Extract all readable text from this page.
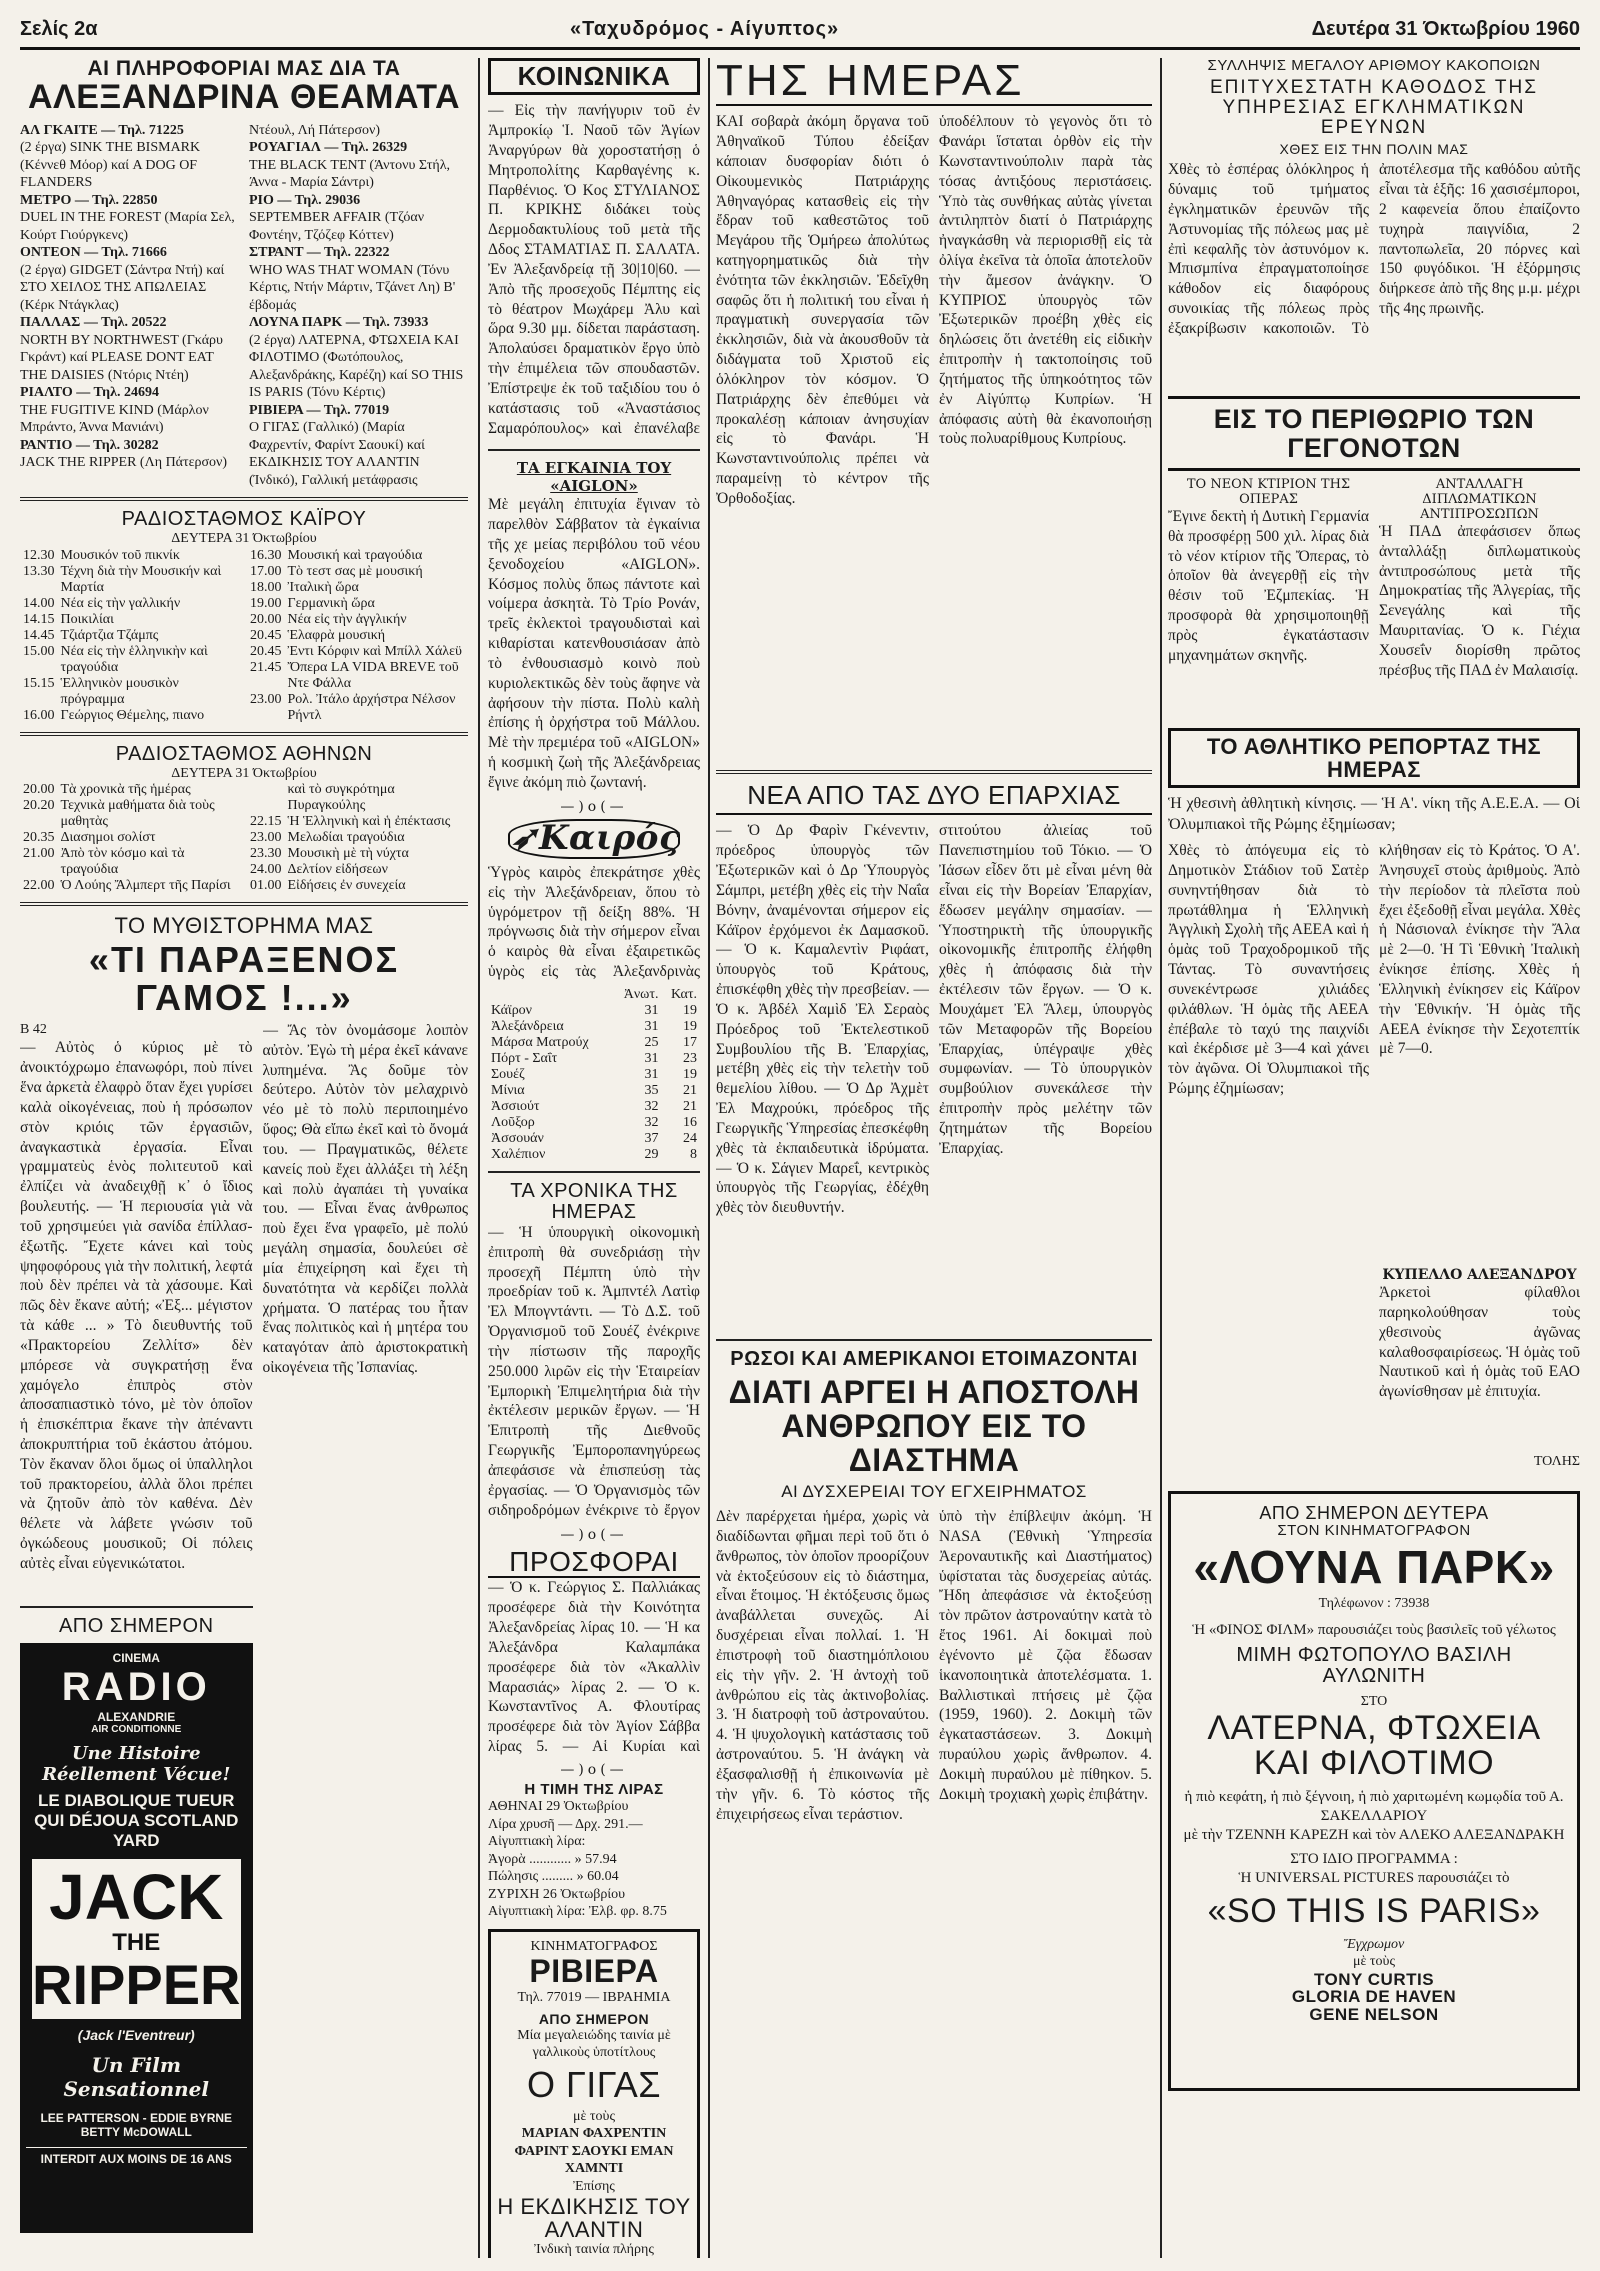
Σελίς 2α	«Ταχυδρόμος - Αίγυπτος»	Δευτέρα 31 Όκτωβρίου 1960
ΑΙ ΠΛΗΡΟΦΟΡΙΑΙ ΜΑΣ ΔΙΑ ΤΑ
ΑΛΕΞΑΝΔΡΙΝΑ ΘΕΑΜΑΤΑ
ΑΛ ΓΚΑΙΤΕ — Τηλ. 71225
(2 έργα) SINK THE BISMARK (Κέννεθ Μόορ) καί A DOG OF FLANDERS
ΜΕΤΡΟ — Τηλ. 22850
DUEL IN THE FOREST (Μαρία Σελ, Κούρτ Γιούργκενς)
ΟΝΤΕΟΝ — Τηλ. 71666
(2 έργα) GIDGET (Σάντρα Ντή) καί ΣΤΟ ΧΕΙΛΟΣ ΤΗΣ ΑΠΩΛΕΙΑΣ (Κέρκ Ντάγκλας)
ΠΑΛΛΑΣ — Τηλ. 20522
NORTH BY NORTHWEST (Γκάρυ Γκράντ) καί PLEASE DONT EAT THE DAISIES (Ντόρις Ντέη)
ΡΙΑΛΤΟ — Τηλ. 24694
THE FUGITIVE KIND (Μάρλον Μπράντο, Άννα Μανιάνι)
ΡΑΝΤΙΟ — Τηλ. 30282
JACK THE RIPPER (Λη Πάτερσον)
Ντέουλ, Λή Πάτερσον)
ΡΟΥΑΓΙΑΛ — Τηλ. 26329
THE BLACK TENT (Άντονυ Στήλ, Άννα - Μαρία Σάντρι)
ΡΙΟ — Τηλ. 29036
SEPTEMBER AFFAIR (Τζόαν Φοντέην, Τζόζεφ Κόττεν)
ΣΤΡΑΝΤ — Τηλ. 22322
WHO WAS THAT WOMAN (Τόνυ Κέρτις, Ντήν Μάρτιν, Τζάνετ Λη) Β' έβδομάς
ΛΟΥΝΑ ΠΑΡΚ — Τηλ. 73933
(2 έργα) ΛΑΤΕΡΝΑ, ΦΤΩΧΕΙΑ ΚΑΙ ΦΙΛΟΤΙΜΟ (Φωτόπουλος, Αλεξανδράκης, Καρέζη) καί SO THIS IS PARIS (Τόνυ Κέρτις)
ΡΙΒΙΕΡΑ — Τηλ. 77019
Ο ΓΙΓΑΣ (Γαλλικό) (Μαρία Φαχρεντίν, Φαρίντ Σαουκί) καί ΕΚΔΙΚΗΣΙΣ ΤΟΥ ΑΛΑΝΤΙΝ (Ίνδικό), Γαλλική μετάφρασις
ΡΑΔΙΟΣΤΑΘΜΟΣ ΚΑΪΡΟΥ
ΔΕΥΤΕΡΑ 31 Όκτωβρίου
12.30	Μουσικόν τοῦ πικνίκ
13.30	Τέχνη διὰ τὴν Μουσικήν καὶ Μαρτία
14.00	Νέα εἰς τὴν γαλλικήν
14.15	Ποικιλίαι
14.45	Τζιάρτζια Τζάμπς
15.00	Νέα εἰς τὴν ἑλληνικὴν καὶ τραγούδια
15.15	Ἑλληνικὸν μουσικὸν πρόγραμμα
16.00	Γεώργιος Θέμελης, πιανο
16.30	Μουσική καὶ τραγούδια
17.00	Τὸ τεστ σας μὲ μουσική
18.00	Ἰταλικὴ ὥρα
19.00	Γερμανικὴ ὥρα
20.00	Νέα εἰς τὴν ἀγγλικήν
20.45	Ἑλαφρὰ μουσική
20.45	Ἐντι Κόρφιν καὶ Μπίλλ Χάλεϋ
21.45	Ὄπερα LA VIDA BREVE τοῦ Ντε Φάλλα
23.00	Ρολ. Ἰτάλο ἀρχήστρα Νέλσον Ρήντλ
ΡΑΔΙΟΣΤΑΘΜΟΣ ΑΘΗΝΩΝ
ΔΕΥΤΕΡΑ 31 Όκτωβρίου
20.00	Τὰ χρονικὰ τῆς ἡμέρας
20.20	Τεχνικὰ μαθήματα διὰ τοὺς μαθητὰς
20.35	Διασημοι σολίστ
21.00	Ἀπὸ τὸν κόσμο καὶ τὰ τραγούδια
22.00	Ὁ Λούης Ἄλμπερτ τῆς Παρίσι
	καὶ τὸ συγκρότημα Πυραγκούλης
22.15	Ἡ Ἑλληνικὴ καὶ ἡ ἐπέκτασις
23.00	Μελωδίαι τραγούδια
23.30	Μουσικὴ μὲ τὴ νύχτα
24.00	Δελτίον εἰδήσεων
01.00	Εἰδήσεις ἐν συνεχεία
ΤΟ ΜΥΘΙΣΤΟΡΗΜΑ ΜΑΣ
«ΤΙ ΠΑΡΑΞΕΝΟΣ ΓΑΜΟΣ !...»
Β 42
— Αὐτὸς ὁ κύριος μὲ τὸ ἀνοικτόχρωμο ἐπανωφόρι, ποὺ πίνει ἕνα ἀρκετὰ ἐλαφρὸ ὅταν ἔχει γυρίσει καλὰ οἰκογένειας, ποὺ ἡ πρόσωπον στὸν κριόις τῶν ἐργασιῶν, ἀναγκαστικὰ ἐργασία. Εἶναι γραμματεὺς ἑνὸς πολιτευτοῦ καὶ ἐλπίζει νὰ ἀναδειχθῇ κ᾿ ὁ ἴδιος βουλευτής. — Ἡ περιουσία γιὰ νὰ τοῦ χρησιμεύει γιὰ σανίδα ἐπίλλασ- ἐξωτῆς. Ἔχετε κάνει καὶ τοὺς ψηφοφόρους γιὰ τὴν πολιτική, λεφτά ποὺ δὲν πρέπει νὰ τὰ χάσουμε. Καὶ πῶς δὲν ἔκανε αὐτή; «Ἐξ... μέγιστον τὰ κάθε ... » Τὸ διευθυντής τοῦ «Πρακτορείου Ζελλίτσ» δὲν μπόρεσε νὰ συγκρατήσῃ ἕνα χαμόγελο ἐπιπρὸς στὸν ἀποσαπιαστικὸ τόνο, μὲ τὸν ὁποῖον ἡ ἐπισκέπτρια ἔκανε τὴν ἀπέναντι ἀποκρυπτήρια τοῦ ἑκάστου ἀτόμου. Τὸν ἔκαναν ὅλοι ὅμως οἱ ὑπαλληλοι τοῦ πρακτορείου, ἀλλὰ ὅλοι πρέπει νὰ ζητοῦν ἀπὸ τὸν καθένα. Δὲν θέλετε νὰ λάβετε γνώσιν τοῦ ὀγκώδεους μουσικοῦ; Οἱ πόλεις αὐτὲς εἶναι εὐγενικώτατοι.
ΑΠΟ ΣΗΜΕΡΟΝ
CINEMA
RADIO
ALEXANDRIE
AIR CONDITIONNE
Une Histoire Réellement Vécue!
LE DIABOLIQUE TUEUR QUI DÉJOUA SCOTLAND YARD
JACK
THE
RIPPER
(Jack l'Eventreur)
Un Film Sensationnel
LEE PATTERSON - EDDIE BYRNE BETTY McDOWALL
INTERDIT AUX MOINS DE 16 ANS
— Ἄς τὸν ὀνομάσομε λοιπὸν αὐτὸν. Ἐγὼ τὴ μέρα ἐκεῖ κάνανε λυπημένα. Ἂς δοῦμε τὸν δεύτερο. Αὐτὸν τὸν μελαχρινὸ νέο μὲ τὸ πολὺ περιποιημένο ὕφος; Θὰ εἴπω ἐκεῖ καὶ τὸ ὄνομά του. — Πραγματικῶς, θέλετε κανείς ποὺ ἔχει ἀλλάξει τὴ λέξη καὶ πολὺ ἀγαπάει τὴ γυναίκα του. — Εἶναι ἕνας ἀνθρωπος ποὺ ἔχει ἕνα γραφεῖο, μὲ πολύ μεγάλη σημασία, δουλεύει σὲ μία ἐπιχείρηση καὶ ἔχει τὴ δυνατότητα νὰ κερδίζει πολλὰ χρήματα. Ὁ πατέρας του ἦταν ἕνας πολιτικὸς καὶ ἡ μητέρα του καταγόταν ἀπὸ ἀριστοκρατικὴ οἰκογένεια τῆς Ἰσπανίας.
ΚΟΙΝΩΝΙΚΑ
— Εἰς τὴν πανήγυριν τοῦ ἐν Ἀμπροκίῳ Ἱ. Ναοῦ τῶν Ἁγίων Ἀναργύρων θὰ χοροστατήσῃ ὁ Μητροπολίτης Καρθαγένης κ. Παρθένιος. Ὁ Κος ΣΤΥΛΙΑΝΟΣ Π. ΚΡΙΚΗΣ διδάκει τοὺς Δερμοδακτυλίους τοῦ μετὰ τῆς Δδος ΣΤΑΜΑΤΙΑΣ Π. ΣΑΛΑΤΑ. Ἐν Ἀλεξανδρείᾳ τῇ 30|10|60. — Ἀπὸ τῆς προσεχοῦς Πέμπτης εἰς τὸ θέατρον Μωχάρεμ Ἀλυ καὶ ὥρα 9.30 μμ. δίδεται παράσταση. Ἀπολαύσει δραματικὸν ἔργο ὑπὸ τὴν ἐπιμέλεια τῶν σπουδαστῶν. Ἐπίστρεψε ἐκ τοῦ ταξιδίου του ὁ κατάστασις τοῦ «Ἀναστάσιος Σαμαρόπουλος» καὶ ἐπανέλαβε
ΤΑ ΕΓΚΑΙΝΙΑ ΤΟΥ «AIGLON»
Μὲ μεγάλη ἐπιτυχία ἔγιναν τὸ παρελθὸν Σάββατον τὰ ἐγκαίνια τῆς χε μείας περιβόλου τοῦ νέου ξενοδοχείου «AIGLON». Κόσμος πολὺς ὅπως πάντοτε καὶ νοίμερα ἀσκητὰ. Τὸ Τρίο Ρονάν, τρεῖς ἐκλεκτοὶ τραγουδισταὶ καὶ κιθαρίσται κατενθουσιάσαν ἀπὸ τὸ ἐνθουσιασμὸ κοινὸ ποὺ κυριολεκτικῶς δὲν τοὺς ἄφηνε νὰ ἀφήσουν τὴν πίστα. Πολὺ καλὴ ἐπίσης ἡ ὀρχήστρα τοῦ Μάλλου. Μὲ τὴν πρεμιέρα τοῦ «AIGLON» ἡ κοσμικὴ ζωὴ τῆς Ἀλεξάνδρειας ἔγινε ἀκόμη πιὸ ζωντανή.
—)o(—
➶Καιρός
Ὑγρὸς καιρὸς ἐπεκράτησε χθὲς εἰς τὴν Ἀλεξάνδρειαν, ὅπου τὸ ὑγρόμετρον τῇ δείξη 88%. Ἡ πρόγνωσις διὰ τὴν σήμερον εἶναι ὁ καιρὸς θὰ εἶναι ἐξαιρετικῶς ὑγρὸς εἰς τὰς Ἀλεξανδρινὰς
	Ἀνωτ.	Κατ.
Κάϊρον	31	19
Ἀλεξάνδρεια	31	19
Μάρσα Ματρούχ	25	17
Πόρτ - Σαΐτ	31	23
Σουέζ	31	19
Μίνια	35	21
Ἀσσιούτ	32	21
Λοῦξορ	32	16
Ἀσσουάν	37	24
Χαλέπιον	29	8
ΤΑ ΧΡΟΝΙΚΑ ΤΗΣ ΗΜΕΡΑΣ
— Ἡ ὑπουργικὴ οἰκονομικὴ ἐπιτροπὴ θὰ συνεδριάσῃ τὴν προσεχῆ Πέμπτη ὑπὸ τὴν προεδρίαν τοῦ κ. Ἀμπντέλ Λατὶφ Ἐλ Μπογντάντι. — Τὸ Δ.Σ. τοῦ Ὀργανισμοῦ τοῦ Σουέζ ἐνέκρινε τὴν πίστωσιν τῆς παροχῆς 250.000 λιρῶν εἰς τὴν Ἑταιρείαν Ἐμπορικὴ Ἐπιμελητήρια διὰ τὴν ἐκτέλεσιν μερικῶν ἔργων. — Ἡ Ἐπιτροπὴ τῆς Διεθνοῦς Γεωργικῆς Ἐμποροπανηγύρεως ἀπεφάσισε νὰ ἐπισπεύσῃ τὰς ἐργασίας. — Ὁ Ὀργανισμὸς τῶν σιδηροδρόμων ἐνέκρινε τὸ ἔργον
—)o(—
ΠΡΟΣΦΟΡΑΙ
— Ὁ κ. Γεώργιος Σ. Παλλιάκας προσέφερε διὰ τὴν Κοινότητα Ἀλεξανδρείας λίρας 10. — Ἡ κα Ἀλεξάνδρα Καλαμπάκα προσέφερε διὰ τὸν «Ἀκαλλὶν Μαρασιάς» λίρας 2. — Ὁ κ. Κωνσταντῖνος Α. Φλουτίρας προσέφερε διὰ τὸν Ἀγίον Σάββα λίρας 5. — Αἱ Κυρίαι καὶ
—)o(—
Η ΤΙΜΗ ΤΗΣ ΛΙΡΑΣ
ΑΘΗΝΑΙ 29 Ὀκτωβρίου
Λίρα χρυσῆ — Δρχ. 291.—
Αἰγυπτιακὴ λίρα:
Ἀγορὰ ............ » 57.94
Πώλησις ......... » 60.04
ΖΥΡΙΧΗ 26 Ὀκτωβρίου
Αἰγυπτιακὴ λίρα: Ἐλβ. φρ. 8.75
ΚΙΝΗΜΑΤΟΓΡΑΦΟΣ
ΡΙΒΙΕΡΑ
Τηλ. 77019 — ΙΒΡΑΗΜΙΑ
ΑΠΟ ΣΗΜΕΡΟΝ
Μία μεγαλειώδης ταινία μὲ γαλλικοὺς ὑποτίτλους
Ο ΓΙΓΑΣ
μὲ τοὺς
ΜΑΡΙΑΝ ΦΑΧΡΕΝΤΙΝ ΦΑΡΙΝΤ ΣΑΟΥΚΙ ΕΜΑΝ ΧΑΜΝΤΙ
Ἐπίσης
Η ΕΚΔΙΚΗΣΙΣ ΤΟΥ ΑΛΑΝΤΙΝ
Ἰνδικὴ ταινία πλήρης
ΤΗΣ ΗΜΕΡΑΣ
ΚΑΙ σοβαρὰ ἀκόμη ὄργανα τοῦ Ἀθηναϊκοῦ Τύπου ἐδείξαν κάποιαν δυσφορίαν διότι ὁ Οἰκουμενικὸς Πατριάρχης Ἀθηναγόρας κατασθεὶς εἰς τὴν ἔδραν τοῦ καθεστῶτος τοῦ Μεγάρου τῆς Ὁμήρεω ἀπολύτως κατηγορηματικῶς διὰ τὴν ἐνότητα τῶν ἐκκλησιῶν. Ἐδεῖχθη σαφῶς ὅτι ἡ πολιτική του εἶναι ἡ πραγματικὴ συνεργασία τῶν ἐκκλησιῶν, διὰ νὰ ἀκουσθοῦν τὰ διδάγματα τοῦ Χριστοῦ εἰς ὁλόκληρον τὸν κόσμον. Ὁ Πατριάρχης δὲν ἐπεθύμει νὰ προκαλέσῃ κάποιαν ἀνησυχίαν εἰς τὸ Φανάρι. Ἡ Κωνσταντινούπολις πρέπει νὰ παραμείνῃ τὸ κέντρον τῆς Ὀρθοδοξίας.
ὑποδέλπουν τὸ γεγονὸς ὅτι τὸ Φανάρι ἵσταται ὀρθὸν εἰς τὴν Κωνσταντινούπολιν παρὰ τὰς τόσας ἀντιξόους περιστάσεις. Ὑπὸ τὰς συνθήκας αὐτὰς γίνεται ἀντιληπτὸν διατί ὁ Πατριάρχης ἠναγκάσθη νὰ περιορισθῇ εἰς τὰ ὀλίγα ἐκεῖνα τὰ ὁποῖα ἀποτελοῦν τὴν ἄμεσον ἀνάγκην. Ὁ ΚΥΠΡΙΟΣ ὑπουργὸς τῶν Ἐξωτερικῶν προέβη χθὲς εἰς δηλώσεις ὅτι ἀνετέθη εἰς εἰδικὴν ἐπιτροπὴν ἡ τακτοποίησις τοῦ ζητήματος τῆς ὑπηκοότητος τῶν ἐν Αἰγύπτῳ Κυπρίων. Ἡ ἀπόφασις αὐτὴ θὰ ἐκανοποιήσῃ τοὺς πολυαρίθμους Κυπρίους.
ΝΕΑ ΑΠΟ ΤΑΣ ΔΥΟ ΕΠΑΡΧΙΑΣ
— Ὁ Δρ Φαρὶν Γκένεντιν, πρόεδρος ὑπουργὸς τῶν Ἐξωτερικῶν καὶ ὁ Δρ Ὑπουργὸς Σάμπρι, μετέβη χθὲς εἰς τὴν Ναΐα Βόνην, ἀναμένονται σήμερον εἰς Κάϊρον ἐρχόμενοι ἐκ Δαμασκοῦ. — Ὁ κ. Καμαλεντὶν Ριφάατ, ὑπουργὸς τοῦ Κράτους, ἐπισκέφθη χθὲς τὴν πρεσβείαν. — Ὁ κ. Ἀβδέλ Χαμὶδ Ἐλ Σεραὸς Πρόεδρος τοῦ Ἐκτελεστικοῦ Συμβουλίου τῆς Β. Ἐπαρχίας, μετέβη χθὲς εἰς τὴν τελετὴν τοῦ θεμελίου λίθου. — Ὁ Δρ Ἀχμὲτ Ἐλ Μαχρούκι, πρόεδρος τῆς Γεωργικῆς Ὑπηρεσίας ἐπεσκέφθη χθὲς τὰ ἐκπαιδευτικὰ ἱδρύματα. — Ὁ κ. Σάγιεν Μαρεΐ, κεντρικὸς ὑπουργὸς τῆς Γεωργίας, ἐδέχθη χθὲς τὸν διευθυντήν.
στιτούτου ἀλιείας τοῦ Πανεπιστημίου τοῦ Τόκιο. — Ὁ Ἰάσων εἶδεν ὅτι μὲ εἶναι μένη θὰ εἶναι εἰς τὴν Βορείαν Ἐπαρχίαν, ἔδωσεν μεγάλην σημασίαν. — Ὑποστηρικτὴ τῆς ὑπουργικῆς οἰκονομικῆς ἐπιτροπῆς ἐλήφθη χθὲς ἡ ἀπόφασις διὰ τὴν ἐκτέλεσιν τῶν ἔργων. — Ὁ κ. Μουχάμετ Ἐλ Ἄλεμ, ὑπουργὸς τῶν Μεταφορῶν τῆς Βορείου Ἐπαρχίας, ὑπέγραψε χθὲς συμφωνίαν. — Τὸ ὑπουργικὸν συμβούλιον συνεκάλεσε τὴν ἐπιτροπὴν πρὸς μελέτην τῶν ζητημάτων τῆς Βορείου Ἐπαρχίας.
ΡΩΣΟΙ ΚΑΙ ΑΜΕΡΙΚΑΝΟΙ ΕΤΟΙΜΑΖΟΝΤΑΙ
ΔΙΑΤΙ ΑΡΓΕΙ Η ΑΠΟΣΤΟΛΗ ΑΝΘΡΩΠΟΥ ΕΙΣ ΤΟ ΔΙΑΣΤΗΜΑ
ΑΙ ΔΥΣΧΕΡΕΙΑΙ ΤΟΥ ΕΓΧΕΙΡΗΜΑΤΟΣ
Δὲν παρέρχεται ἡμέρα, χωρὶς νὰ διαδίδωνται φῆμαι περὶ τοῦ ὅτι ὁ ἄνθρωπος, τὸν ὁποῖον προορίζουν νὰ ἐκτοξεύσουν εἰς τὸ διάστημα, εἶναι ἕτοιμος. Ἡ ἐκτόξευσις ὅμως ἀναβάλλεται συνεχῶς. Αἱ δυσχέρειαι εἶναι πολλαί. 1. Ἡ ἐπιστροφὴ τοῦ διαστημόπλοιου εἰς τὴν γῆν. 2. Ἡ ἀντοχὴ τοῦ ἀνθρώπου εἰς τὰς ἀκτινοβολίας. 3. Ἡ διατροφὴ τοῦ ἀστροναύτου. 4. Ἡ ψυχολογικὴ κατάστασις τοῦ ἀστροναύτου. 5. Ἡ ἀνάγκη νὰ ἐξασφαλισθῇ ἡ ἐπικοινωνία μὲ τὴν γῆν. 6. Τὸ κόστος τῆς ἐπιχειρήσεως εἶναι τεράστιον.
ὑπὸ τὴν ἐπίβλεψιν ἀκόμη. Ἡ NASA (Ἐθνικὴ Ὑπηρεσία Ἀεροναυτικῆς καὶ Διαστήματος) ὑφίσταται τὰς δυσχερείας αὐτάς. Ἤδη ἀπεφάσισε νὰ ἐκτοξεύσῃ τὸν πρῶτον ἀστροναύτην κατὰ τὸ ἔτος 1961. Αἱ δοκιμαὶ ποὺ ἐγένοντο μὲ ζῷα ἔδωσαν ἱκανοποιητικὰ ἀποτελέσματα. 1. Βαλλιστικαὶ πτήσεις μὲ ζῷα (1959, 1960). 2. Δοκιμὴ τῶν ἐγκαταστάσεων. 3. Δοκιμὴ πυραύλου χωρὶς ἄνθρωπον. 4. Δοκιμὴ πυραύλου μὲ πίθηκον. 5. Δοκιμὴ τροχιακὴ χωρὶς ἐπιβάτην.
ΣΥΛΛΗΨΙΣ ΜΕΓΑΛΟΥ ΑΡΙΘΜΟΥ ΚΑΚΟΠΟΙΩΝ
ΕΠΙΤΥΧΕΣΤΑΤΗ ΚΑΘΟΔΟΣ ΤΗΣ ΥΠΗΡΕΣΙΑΣ ΕΓΚΛΗΜΑΤΙΚΩΝ ΕΡΕΥΝΩΝ
ΧΘΕΣ ΕΙΣ ΤΗΝ ΠΟΛΙΝ ΜΑΣ
Χθὲς τὸ ἑσπέρας ὁλόκληρος ἡ δύναμις τοῦ τμήματος ἐγκληματικῶν ἐρευνῶν τῆς Ἀστυνομίας τῆς πόλεως μας μὲ ἐπὶ κεφαλῆς τὸν ἀστυνόμον κ. Μπισμπίνα ἐπραγματοποίησε κάθοδον εἰς διαφόρους συνοικίας τῆς πόλεως πρὸς ἐξακρίβωσιν κακοποιῶν. Τὸ ἀποτέλεσμα τῆς καθόδου αὐτῆς εἶναι τὰ ἑξῆς: 16 χασισέμποροι, 2 καφενεία ὅπου ἐπαίζοντο τυχηρὰ παιγνίδια, 2 παντοπωλεῖα, 20 πόρνες καὶ 150 φυγόδικοι. Ἡ ἐξόρμησις διήρκεσε ἀπὸ τῆς 8ης μ.μ. μέχρι τῆς 4ης πρωινῆς.
ΕΙΣ ΤΟ ΠΕΡΙΘΩΡΙΟ ΤΩΝ ΓΕΓΟΝΟΤΩΝ
ΤΟ ΝΕΟΝ ΚΤΙΡΙΟΝ ΤΗΣ ΟΠΕΡΑΣ
Ἔγινε δεκτὴ ἡ Δυτικὴ Γερμανία θὰ προσφέρῃ 500 χιλ. λίρας διὰ τὸ νέον κτίριον τῆς Ὄπερας, τὸ ὁποῖον θὰ ἀνεγερθῇ εἰς τὴν θέσιν τοῦ Ἐζμπεκίας. Ἡ προσφορὰ θὰ χρησιμοποιηθῇ πρὸς ἐγκατάστασιν μηχανημάτων σκηνῆς.
ΑΝΤΑΛΛΑΓΗ ΔΙΠΛΩΜΑΤΙΚΩΝ ΑΝΤΙΠΡΟΣΩΠΩΝ
Ἡ ΠΑΔ ἀπεφάσισεν ὅπως ἀνταλλάξῃ διπλωματικοὺς ἀντιπροσώπους μετὰ τῆς Δημοκρατίας τῆς Ἀλγερίας, τῆς Σενεγάλης καὶ τῆς Μαυριτανίας. Ὁ κ. Γιέχια Χουσεΐν διορίσθη πρῶτος πρέσβυς τῆς ΠΑΔ ἐν Μαλαισίᾳ.
ΤΟ ΑΘΛΗΤΙΚΟ ΡΕΠΟΡΤΑΖ ΤΗΣ ΗΜΕΡΑΣ
Ἡ χθεσινὴ ἀθλητικὴ κίνησις. — Ἡ Α'. νίκη τῆς Α.Ε.Ε.Α. — Οἱ Ὀλυμπιακοὶ τῆς Ρώμης ἐξημίωσαν;
Χθὲς τὸ ἀπόγευμα εἰς τὸ Δημοτικὸν Στάδιον τοῦ Σατὲρ συνηντήθησαν διὰ τὸ πρωτάθλημα ἡ Ἑλληνικὴ Ἀγγλικὴ Σχολὴ τῆς ΑΕΕΑ καὶ ἡ ὁμὰς τοῦ Τραχοδρομικοῦ τῆς Τάντας. Τὸ συναντήσεις συνεκέντρωσε χιλιάδες φιλάθλων. Ἡ ὁμὰς τῆς ΑΕΕΑ ἐπέβαλε τὸ ταχύ της παιχνίδι καὶ ἐκέρδισε μὲ 3—4 καὶ χάνει τὸν ἀγῶνα. Οἱ Ὀλυμπιακοὶ τῆς Ρώμης ἐζημίωσαν;
κλήθησαν εἰς τὸ Κράτος. Ὁ Α'. Ἀνησυχεῖ στοὺς ἀριθμοὺς. Ἀπὸ τὴν περίοδον τὰ πλεῖστα ποὺ ἔχει ἐξεδοθῇ εἶναι μεγάλα. Χθὲς ἡ Νάσιοναλ ἐνίκησε τὴν Ἄλα μὲ 2—0. Ἡ Τὶ Ἑθνικὴ Ἰταλικὴ ἐνίκησε ἐπίσης. Χθὲς ἡ Ἑλληνικὴ ἐνίκησεν εἰς Κάϊρον τὴν Ἑθνικήν. Ἡ ὁμὰς τῆς ΑΕΕΑ ἐνίκησε τὴν Σεχοτεπτίκ μὲ 7—0.
ΚΥΠΕΛΛΟ ΑΛΕΞΑΝΔΡΟΥ
Ἀρκετοὶ φίλαθλοι παρηκολούθησαν τοὺς χθεσινοὺς ἀγῶνας καλαθοσφαιρίσεως. Ἡ ὁμὰς τοῦ Ναυτικοῦ καὶ ἡ ὁμὰς τοῦ ΕΑΟ ἀγωνίσθησαν μὲ ἐπιτυχία.
ΤΟΛΗΣ
ΑΠΟ ΣΗΜΕΡΟΝ ΔΕΥΤΕΡΑ
ΣΤΟΝ ΚΙΝΗΜΑΤΟΓΡΑΦΟΝ
«ΛΟΥΝΑ ΠΑΡΚ»
Τηλέφωνον : 73938
Ἡ «ΦΙΝΟΣ ΦΙΛΜ» παρουσιάζει τοὺς βασιλεῖς τοῦ γέλωτος
ΜΙΜΗ ΦΩΤΟΠΟΥΛΟ ΒΑΣΙΛΗ ΑΥΛΩΝΙΤΗ
ΣΤΟ
ΛΑΤΕΡΝΑ, ΦΤΩΧΕΙΑ
ΚΑΙ ΦΙΛΟΤΙΜΟ
ἡ πιὸ κεφάτη, ἡ πιὸ ξέγνοιη, ἡ πιὸ χαριτωμένη κωμῳδία τοῦ Α. ΣΑΚΕΛΛΑΡΙΟΥ
μὲ τὴν ΤΖΕΝΝΗ ΚΑΡΕΖΗ καὶ τὸν ΑΛΕΚΟ ΑΛΕΞΑΝΔΡΑΚΗ
ΣΤΟ ΙΔΙΟ ΠΡΟΓΡΑΜΜΑ :
Ἡ UNIVERSAL PICTURES παρουσιάζει τὸ
«SO THIS IS PARIS»
Ἔγχρωμον
μὲ τοὺς
TONY CURTIS GLORIA DE HAVEN GENE NELSON
